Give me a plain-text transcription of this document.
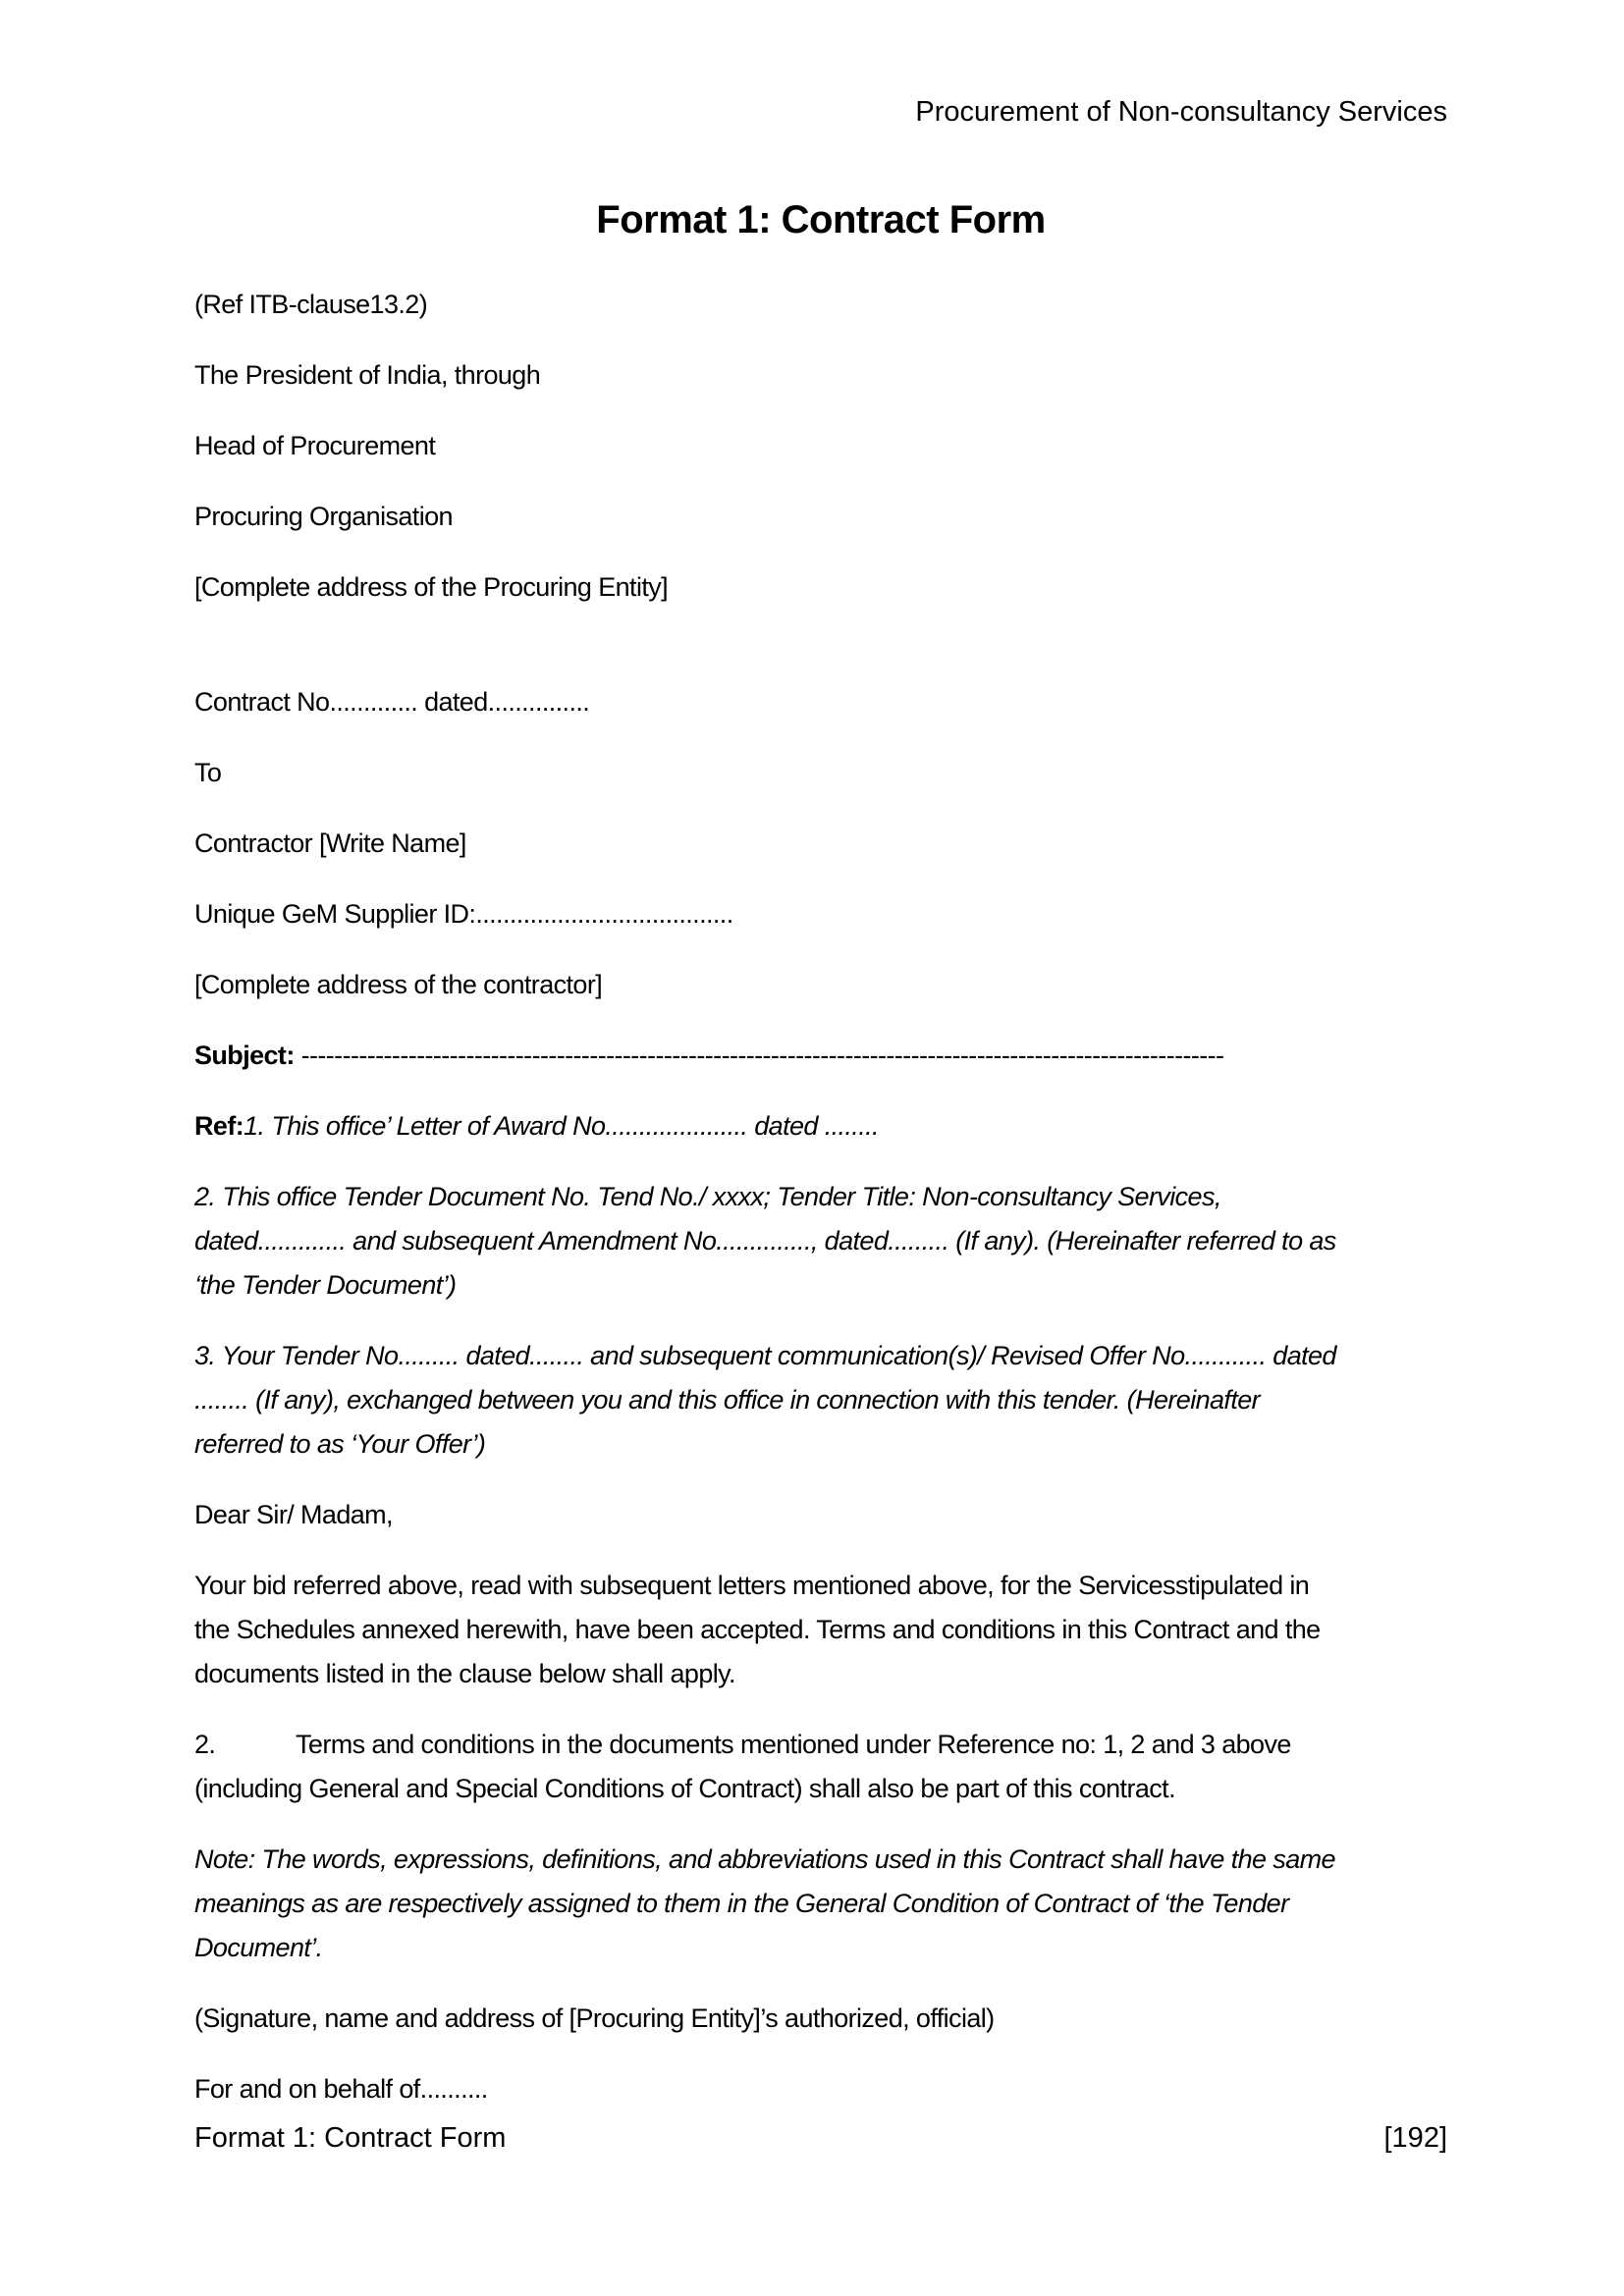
Procurement of Non-consultancy Services
Format 1: Contract Form

(Ref ITB-clause13.2)

The President of India, through

Head of Procurement

Procuring Organisation

[Complete address of the Procuring Entity]

Contract No............. dated...............

To

Contractor [Write Name]

Unique GeM Supplier ID:......................................

[Complete address of the contractor]

Subject: ----------------------------------------------------------------------------------------------------------------

Ref:1. This office’ Letter of Award No..................... dated ........

2. This office Tender Document No. Tend No./ xxxx; Tender Title: Non-consultancy Services,
dated............. and subsequent Amendment No.............., dated......... (If any). (Hereinafter referred to as
‘the Tender Document’)
3. Your Tender No......... dated........ and subsequent communication(s)/ Revised Offer No............ dated
........ (If any), exchanged between you and this office in connection with this tender. (Hereinafter
referred to as ‘Your Offer’)

Dear Sir/ Madam,

Your bid referred above, read with subsequent letters mentioned above, for the Servicesstipulated in
the Schedules annexed herewith, have been accepted. Terms and conditions in this Contract and the
documents listed in the clause below shall apply.
2.	Terms and conditions in the documents mentioned under Reference no: 1, 2 and 3 above
(including General and Special Conditions of Contract) shall also be part of this contract.
Note: The words, expressions, definitions, and abbreviations used in this Contract shall have the same
meanings as are respectively assigned to them in the General Condition of Contract of ‘the Tender
Document’.

(Signature, name and address of [Procuring Entity]’s authorized, official)

For and on behalf of..........

Format 1: Contract Form	[192]
